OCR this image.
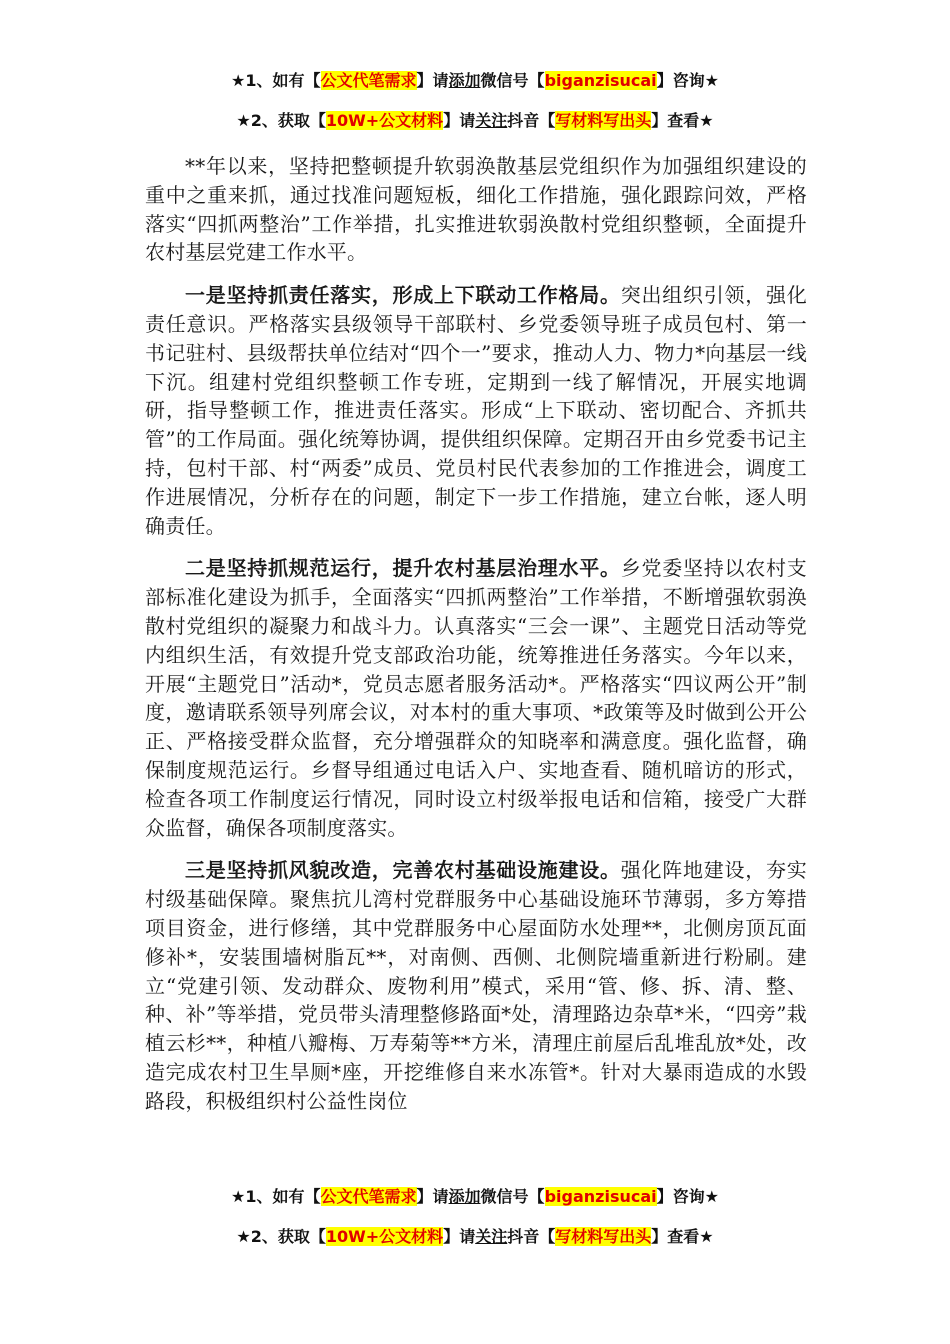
★1、如有【公文代笔需求】请添加微信号【biganzisucai】咨询★
★2、获取【10W+公文材料】请关注抖音【写材料写出头】查看★

**年以来，坚持把整顿提升软弱涣散基层党组织作为加强组织建设的重中之重来抓，通过找准问题短板，细化工作措施，强化跟踪问效，严格落实“四抓两整治”工作举措，扎实推进软弱涣散村党组织整顿，全面提升农村基层党建工作水平。

一是坚持抓责任落实，形成上下联动工作格局。突出组织引领，强化责任意识。严格落实县级领导干部联村、乡党委领导班子成员包村、第一书记驻村、县级帮扶单位结对“四个一”要求，推动人力、物力*向基层一线下沉。组建村党组织整顿工作专班，定期到一线了解情况，开展实地调研，指导整顿工作，推进责任落实。形成“上下联动、密切配合、齐抓共管”的工作局面。强化统筹协调，提供组织保障。定期召开由乡党委书记主持，包村干部、村“两委”成员、党员村民代表参加的工作推进会，调度工作进展情况，分析存在的问题，制定下一步工作措施，建立台帐，逐人明确责任。

二是坚持抓规范运行，提升农村基层治理水平。乡党委坚持以农村支部标准化建设为抓手，全面落实“四抓两整治”工作举措，不断增强软弱涣散村党组织的凝聚力和战斗力。认真落实“三会一课”、主题党日活动等党内组织生活，有效提升党支部政治功能，统筹推进任务落实。今年以来，开展“主题党日”活动*，党员志愿者服务活动*。严格落实“四议两公开”制度，邀请联系领导列席会议，对本村的重大事项、*政策等及时做到公开公正、严格接受群众监督，充分增强群众的知晓率和满意度。强化监督，确保制度规范运行。乡督导组通过电话入户、实地查看、随机暗访的形式，检查各项工作制度运行情况，同时设立村级举报电话和信箱，接受广大群众监督，确保各项制度落实。

三是坚持抓风貌改造，完善农村基础设施建设。强化阵地建设，夯实村级基础保障。聚焦抗儿湾村党群服务中心基础设施环节薄弱，多方筹措项目资金，进行修缮，其中党群服务中心屋面防水处理**，北侧房顶瓦面修补*，安装围墙树脂瓦**，对南侧、西侧、北侧院墙重新进行粉刷。建立“党建引领、发动群众、废物利用”模式，采用“管、修、拆、清、整、种、补”等举措，党员带头清理整修路面*处，清理路边杂草*米，“四旁”栽植云杉**，种植八瓣梅、万寿菊等**方米，清理庄前屋后乱堆乱放*处，改造完成农村卫生旱厕*座，开挖维修自来水冻管*。针对大暴雨造成的水毁路段，积极组织村公益性岗位

★1、如有【公文代笔需求】请添加微信号【biganzisucai】咨询★
★2、获取【10W+公文材料】请关注抖音【写材料写出头】查看★
